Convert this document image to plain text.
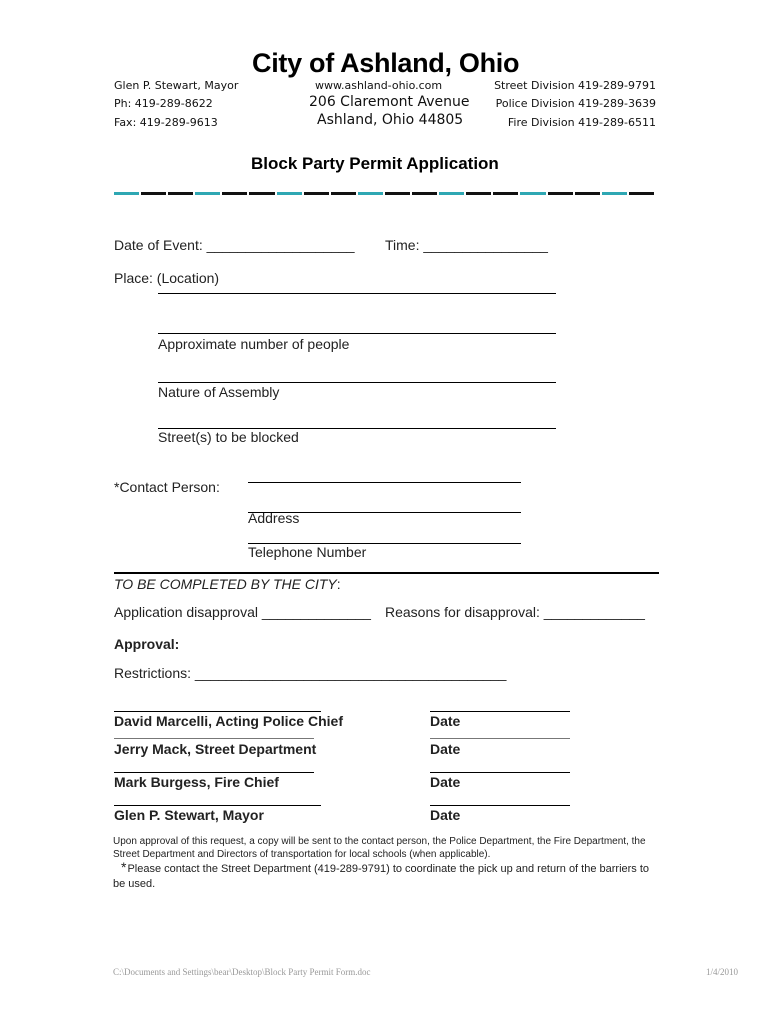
City of Ashland, Ohio
Glen P. Stewart, Mayor
Ph: 419-289-8622
Fax: 419-289-9613
www.ashland-ohio.com
206 Claremont Avenue
Ashland, Ohio 44805
Street Division 419-289-9791
Police Division 419-289-3639
Fire Division 419-289-6511
Block Party Permit Application
Date of Event: ___________________ Time: ________________
Place: (Location)
Approximate number of people
Nature of Assembly
Street(s) to be blocked
*Contact Person:
Address
Telephone Number
TO BE COMPLETED BY THE CITY:
Application disapproval ______________ Reasons for disapproval: _____________
Approval:
Restrictions: ________________________________________
David Marcelli, Acting Police Chief	Date
Jerry Mack, Street Department	Date
Mark Burgess, Fire Chief	Date
Glen P. Stewart, Mayor	Date
Upon approval of this request, a copy will be sent to the contact person, the Police Department, the Fire Department, the Street Department and Directors of transportation for local schools (when applicable).
*Please contact the Street Department (419-289-9791) to coordinate the pick up and return of the barriers to be used.
C:\Documents and Settings\bear\Desktop\Block Party Permit Form.doc	1/4/2010
